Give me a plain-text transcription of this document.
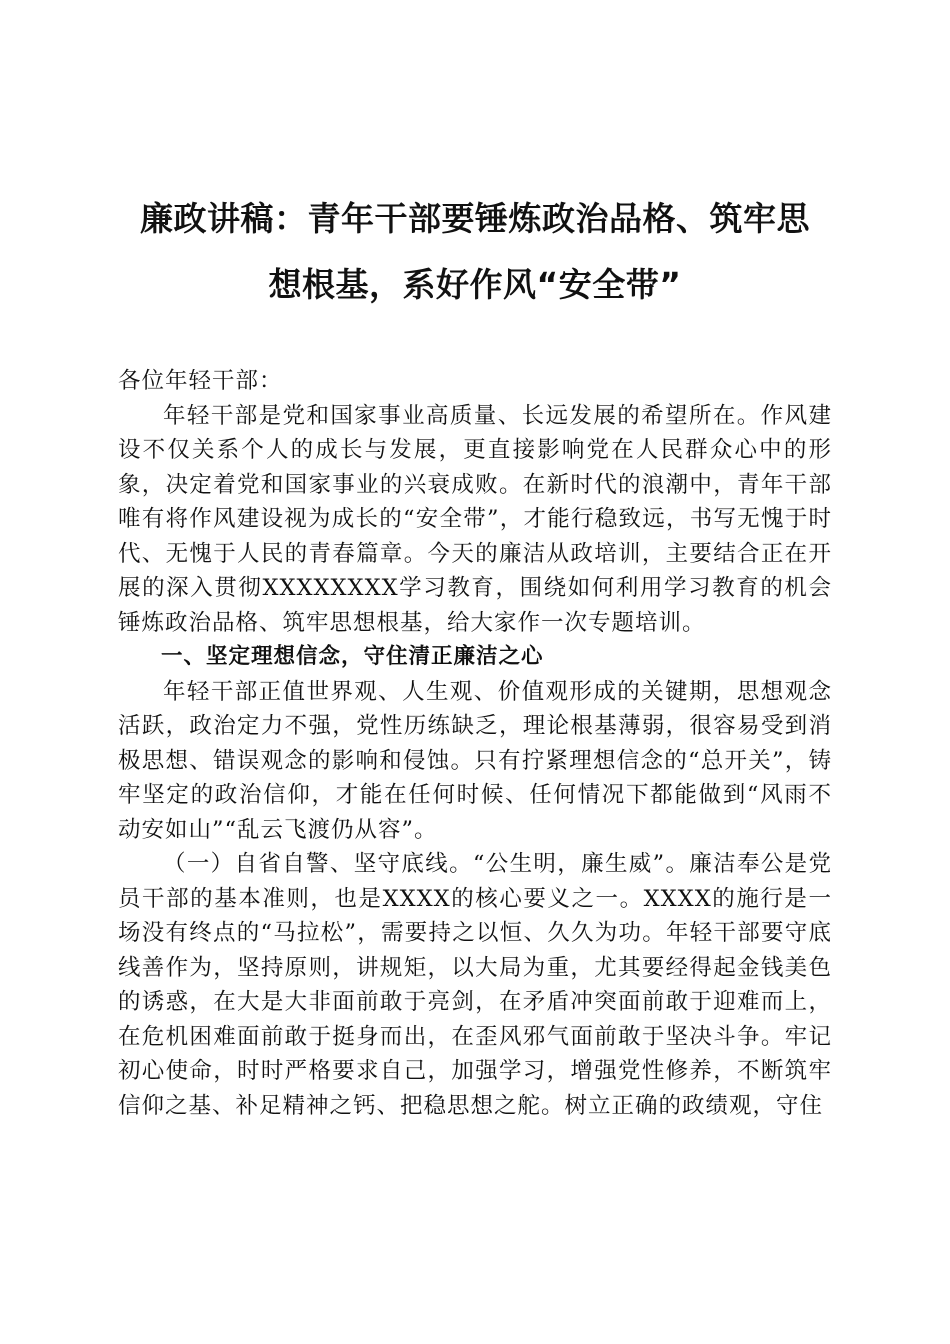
廉政讲稿：青年干部要锤炼政治品格、筑牢思
想根基，系好作风“安全带”

各位年轻干部：

年轻干部是党和国家事业高质量、长远发展的希望所在。作风建设不仅关系个人的成长与发展，更直接影响党在人民群众心中的形象，决定着党和国家事业的兴衰成败。在新时代的浪潮中，青年干部唯有将作风建设视为成长的“安全带”，才能行稳致远，书写无愧于时代、无愧于人民的青春篇章。今天的廉洁从政培训，主要结合正在开展的深入贯彻XXXXXXXX学习教育，围绕如何利用学习教育的机会锤炼政治品格、筑牢思想根基，给大家作一次专题培训。

一、坚定理想信念，守住清正廉洁之心

年轻干部正值世界观、人生观、价值观形成的关键期，思想观念活跃，政治定力不强，党性历练缺乏，理论根基薄弱，很容易受到消极思想、错误观念的影响和侵蚀。只有拧紧理想信念的“总开关”，铸牢坚定的政治信仰，才能在任何时候、任何情况下都能做到“风雨不动安如山”“乱云飞渡仍从容”。

（一）自省自警、坚守底线。“公生明，廉生威”。廉洁奉公是党员干部的基本准则，也是XXXX的核心要义之一。XXXX的施行是一场没有终点的“马拉松”，需要持之以恒、久久为功。年轻干部要守底线善作为，坚持原则，讲规矩，以大局为重，尤其要经得起金钱美色的诱惑，在大是大非面前敢于亮剑，在矛盾冲突面前敢于迎难而上，在危机困难面前敢于挺身而出，在歪风邪气面前敢于坚决斗争。牢记初心使命，时时严格要求自己，加强学习，增强党性修养，不断筑牢信仰之基、补足精神之钙、把稳思想之舵。树立正确的政绩观，守住
